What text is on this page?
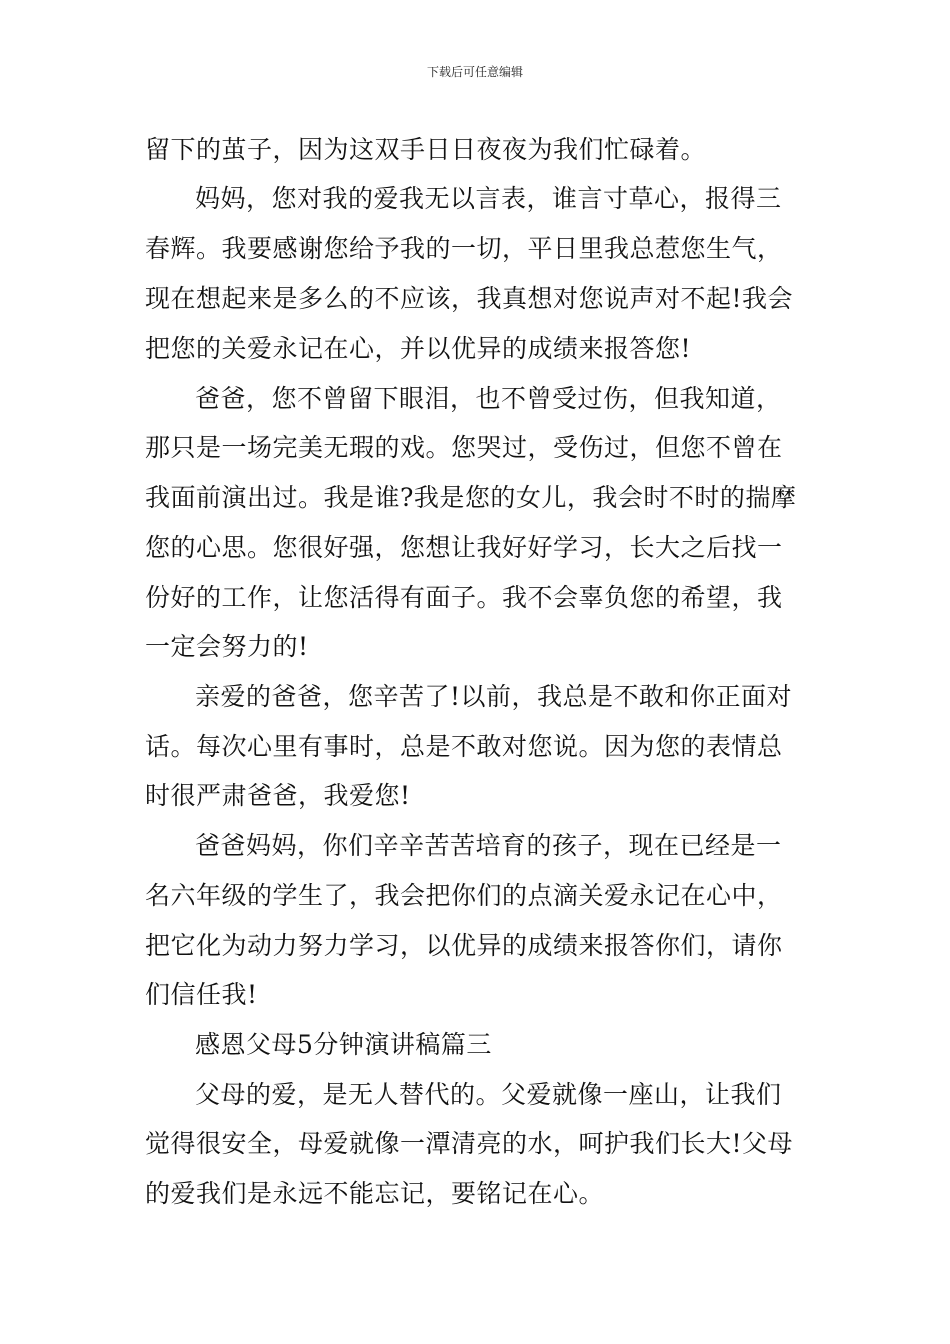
下载后可任意编辑
留下的茧子，因为这双手日日夜夜为我们忙碌着。
妈妈，您对我的爱我无以言表，谁言寸草心，报得三
春辉。我要感谢您给予我的一切，平日里我总惹您生气，
现在想起来是多么的不应该，我真想对您说声对不起!我会
把您的关爱永记在心，并以优异的成绩来报答您!
爸爸，您不曾留下眼泪，也不曾受过伤，但我知道，
那只是一场完美无瑕的戏。您哭过，受伤过，但您不曾在
我面前演出过。我是谁?我是您的女儿，我会时不时的揣摩
您的心思。您很好强，您想让我好好学习，长大之后找一
份好的工作，让您活得有面子。我不会辜负您的希望，我
一定会努力的!
亲爱的爸爸，您辛苦了!以前，我总是不敢和你正面对
话。每次心里有事时，总是不敢对您说。因为您的表情总
时很严肃爸爸，我爱您!
爸爸妈妈，你们辛辛苦苦培育的孩子，现在已经是一
名六年级的学生了，我会把你们的点滴关爱永记在心中，
把它化为动力努力学习，以优异的成绩来报答你们，请你
们信任我!
感恩父母5分钟演讲稿篇三
父母的爱，是无人替代的。父爱就像一座山，让我们
觉得很安全，母爱就像一潭清亮的水，呵护我们长大!父母
的爱我们是永远不能忘记，要铭记在心。
